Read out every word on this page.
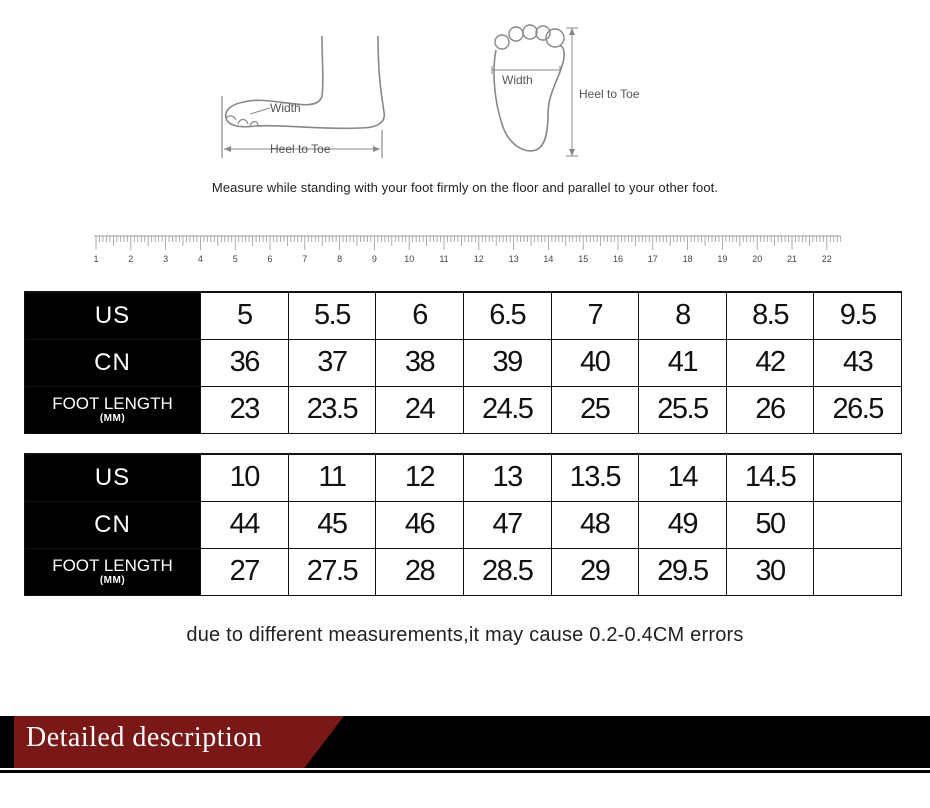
Width
Heel to Toe
Width
Heel to Toe
Measure while standing with your foot firmly on the floor and parallel to your other foot.
1	2	3	4	5	6	7	8	9	10	11	12	13	14	15	16	17	18	19	20	21	22
US	5	5.5	6	6.5	7	8	8.5	9.5
CN	36	37	38	39	40	41	42	43

FOOT LENGTH
(MM)	23	23.5	24	24.5	25	25.5	26	26.5
US	10	11	12	13	13.5	14	14.5	
CN	44	45	46	47	48	49	50	

FOOT LENGTH
(MM)	27	27.5	28	28.5	29	29.5	30	
due to different measurements,it may cause 0.2-0.4CM errors
Detailed description
